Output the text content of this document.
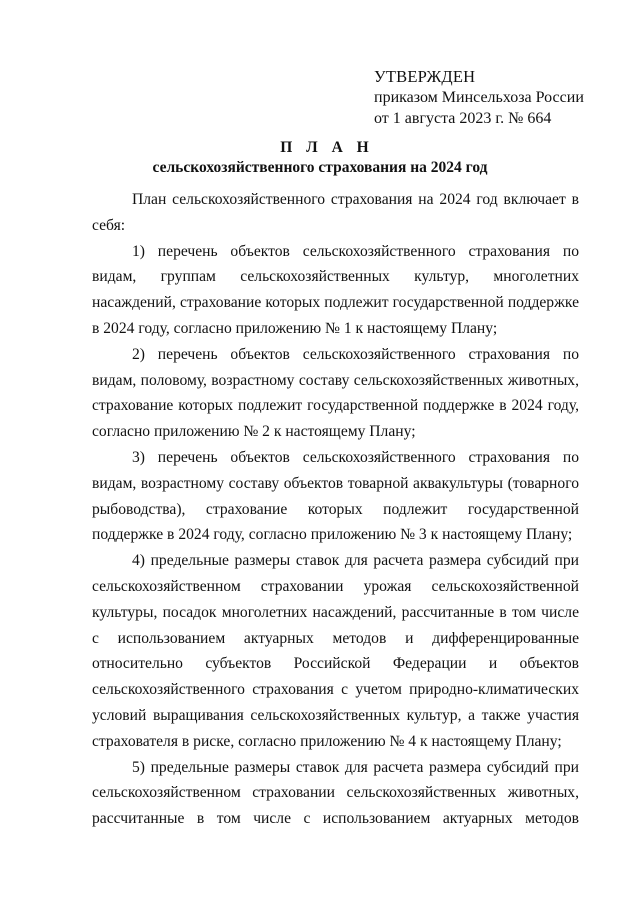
УТВЕРЖДЕН
приказом Минсельхоза России
от 1 августа 2023 г. № 664
П Л А Н
сельскохозяйственного страхования на 2024 год

План сельскохозяйственного страхования на 2024 год включает в себя:

1) перечень объектов сельскохозяйственного страхования по видам, группам сельскохозяйственных культур, многолетних насаждений, страхование которых подлежит государственной поддержке в 2024 году, согласно приложению № 1 к настоящему Плану;

2) перечень объектов сельскохозяйственного страхования по видам, половому, возрастному составу сельскохозяйственных животных, страхование которых подлежит государственной поддержке в 2024 году, согласно приложению № 2 к настоящему Плану;

3) перечень объектов сельскохозяйственного страхования по видам, возрастному составу объектов товарной аквакультуры (товарного рыбоводства), страхование которых подлежит государственной поддержке в 2024 году, согласно приложению № 3 к настоящему Плану;

4) предельные размеры ставок для расчета размера субсидий при сельскохозяйственном страховании урожая сельскохозяйственной культуры, посадок многолетних насаждений, рассчитанные в том числе с использованием актуарных методов и дифференцированные относительно субъектов Российской Федерации и объектов сельскохозяйственного страхования с учетом природно-климатических условий выращивания сельскохозяйственных культур, а также участия страхователя в риске, согласно приложению № 4 к настоящему Плану;

5) предельные размеры ставок для расчета размера субсидий при сельскохозяйственном страховании сельскохозяйственных животных, рассчитанные в том числе с использованием актуарных методов
